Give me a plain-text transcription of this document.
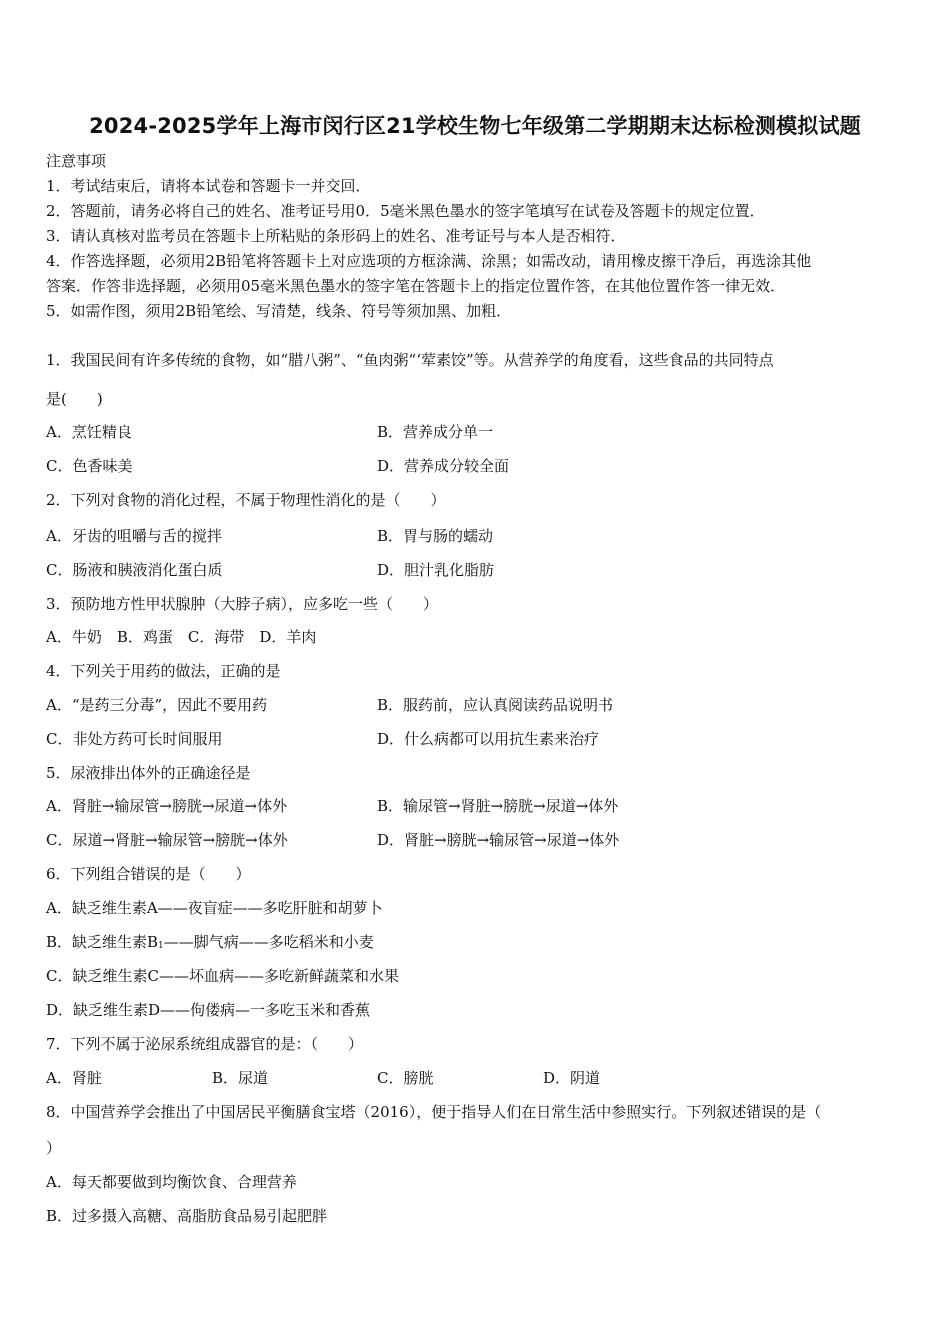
2024-2025学年上海市闵行区21学校生物七年级第二学期期末达标检测模拟试题
注意事项
1．考试结束后，请将本试卷和答题卡一并交回．
2．答题前，请务必将自己的姓名、准考证号用0．5毫米黑色墨水的签字笔填写在试卷及答题卡的规定位置．
3．请认真核对监考员在答题卡上所粘贴的条形码上的姓名、准考证号与本人是否相符．
4．作答选择题，必须用2B铅笔将答题卡上对应选项的方框涂满、涂黑；如需改动，请用橡皮擦干净后，再选涂其他
答案．作答非选择题，必须用05毫米黑色墨水的签字笔在答题卡上的指定位置作答，在其他位置作答一律无效．
5．如需作图，须用2B铅笔绘、写清楚，线条、符号等须加黑、加粗．
1．我国民间有许多传统的食物，如“腊八粥”、“鱼肉粥“‘荤素饺”等。从营养学的角度看，这些食品的共同特点
是(　　)
A．烹饪精良	B．营养成分单一
C．色香味美	D．营养成分较全面
2．下列对食物的消化过程，不属于物理性消化的是（　　）
A．牙齿的咀嚼与舌的搅拌	B．胃与肠的蠕动
C．肠液和胰液消化蛋白质	D．胆汁乳化脂肪
3．预防地方性甲状腺肿（大脖子病），应多吃一些（　　）
A．牛奶　B．鸡蛋　C．海带　D．羊肉
4．下列关于用药的做法，正确的是
A．“是药三分毒”，因此不要用药	B．服药前，应认真阅读药品说明书
C．非处方药可长时间服用	D．什么病都可以用抗生素来治疗
5．尿液排出体外的正确途径是
A．肾脏→输尿管→膀胱→尿道→体外	B．输尿管→肾脏→膀胱→尿道→体外
C．尿道→肾脏→输尿管→膀胱→体外	D．肾脏→膀胱→输尿管→尿道→体外
6．下列组合错误的是（　　）
A．缺乏维生素A——夜盲症——多吃肝脏和胡萝卜
B．缺乏维生素$B_1——$脚气病——多吃稻米和小麦
C．缺乏维生素C——坏血病——多吃新鲜蔬菜和水果
D．缺乏维生素D——佝偻病—一多吃玉米和香蕉
7．下列不属于泌尿系统组成器官的是：（　　）
A．肾脏	B．尿道	C．膀胱	D．阴道
8．中国营养学会推出了中国居民平衡膳食宝塔（2016），便于指导人们在日常生活中参照实行。下列叙述错误的是（
）
A．每天都要做到均衡饮食、合理营养
B．过多摄入高糖、高脂肪食品易引起肥胖
